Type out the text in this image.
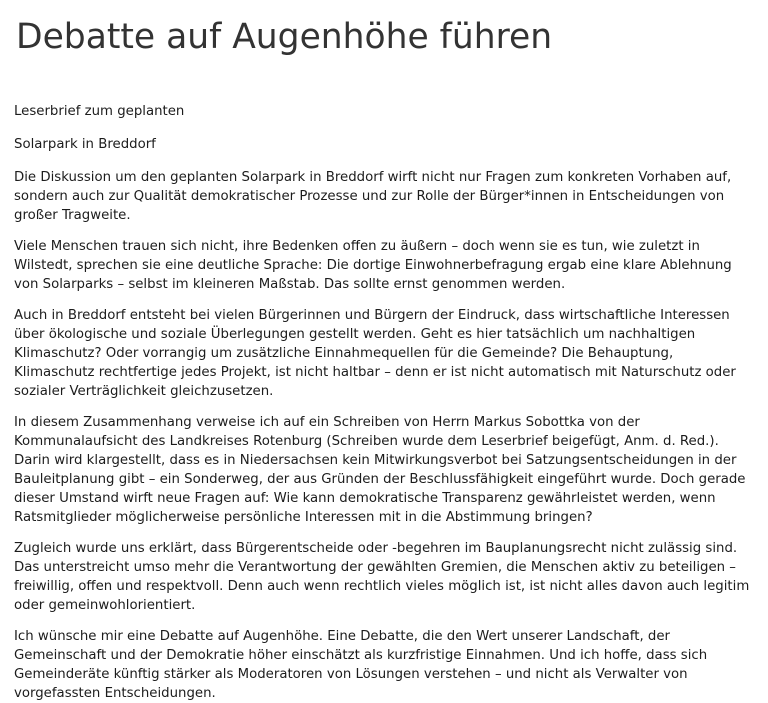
Debatte auf Augenhöhe führen

Leserbrief zum geplanten

Solarpark in Breddorf

Die Diskussion um den geplanten Solarpark in Breddorf wirft nicht nur Fragen zum konkreten Vorhaben auf, sondern auch zur Qualität demokratischer Prozesse und zur Rolle der Bürger*innen in Entscheidungen von großer Tragweite.

Viele Menschen trauen sich nicht, ihre Bedenken offen zu äußern – doch wenn sie es tun, wie zuletzt in Wilstedt, sprechen sie eine deutliche Sprache: Die dortige Einwohnerbefragung ergab eine klare Ablehnung von Solarparks – selbst im kleineren Maßstab. Das sollte ernst genommen werden.

Auch in Breddorf entsteht bei vielen Bürgerinnen und Bürgern der Eindruck, dass wirtschaftliche Interessen über ökologische und soziale Überlegungen gestellt werden. Geht es hier tatsächlich um nachhaltigen Klimaschutz? Oder vorrangig um zusätzliche Einnahmequellen für die Gemeinde? Die Behauptung, Klimaschutz rechtfertige jedes Projekt, ist nicht haltbar – denn er ist nicht automatisch mit Naturschutz oder sozialer Verträglichkeit gleichzusetzen.

In diesem Zusammenhang verweise ich auf ein Schreiben von Herrn Markus Sobottka von der Kommunalaufsicht des Landkreises Rotenburg (Schreiben wurde dem Leserbrief beigefügt, Anm. d. Red.). Darin wird klargestellt, dass es in Niedersachsen kein Mitwirkungsverbot bei Satzungsentscheidungen in der Bauleitplanung gibt – ein Sonderweg, der aus Gründen der Beschlussfähigkeit eingeführt wurde. Doch gerade dieser Umstand wirft neue Fragen auf: Wie kann demokratische Transparenz gewährleistet werden, wenn Ratsmitglieder möglicherweise persönliche Interessen mit in die Abstimmung bringen?

Zugleich wurde uns erklärt, dass Bürgerentscheide oder -begehren im Bauplanungsrecht nicht zulässig sind. Das unterstreicht umso mehr die Verantwortung der gewählten Gremien, die Menschen aktiv zu beteiligen – freiwillig, offen und respektvoll. Denn auch wenn rechtlich vieles möglich ist, ist nicht alles davon auch legitim oder gemeinwohlorientiert.

Ich wünsche mir eine Debatte auf Augenhöhe. Eine Debatte, die den Wert unserer Landschaft, der Gemeinschaft und der Demokratie höher einschätzt als kurzfristige Einnahmen. Und ich hoffe, dass sich Gemeinderäte künftig stärker als Moderatoren von Lösungen verstehen – und nicht als Verwalter von vorgefassten Entscheidungen.
